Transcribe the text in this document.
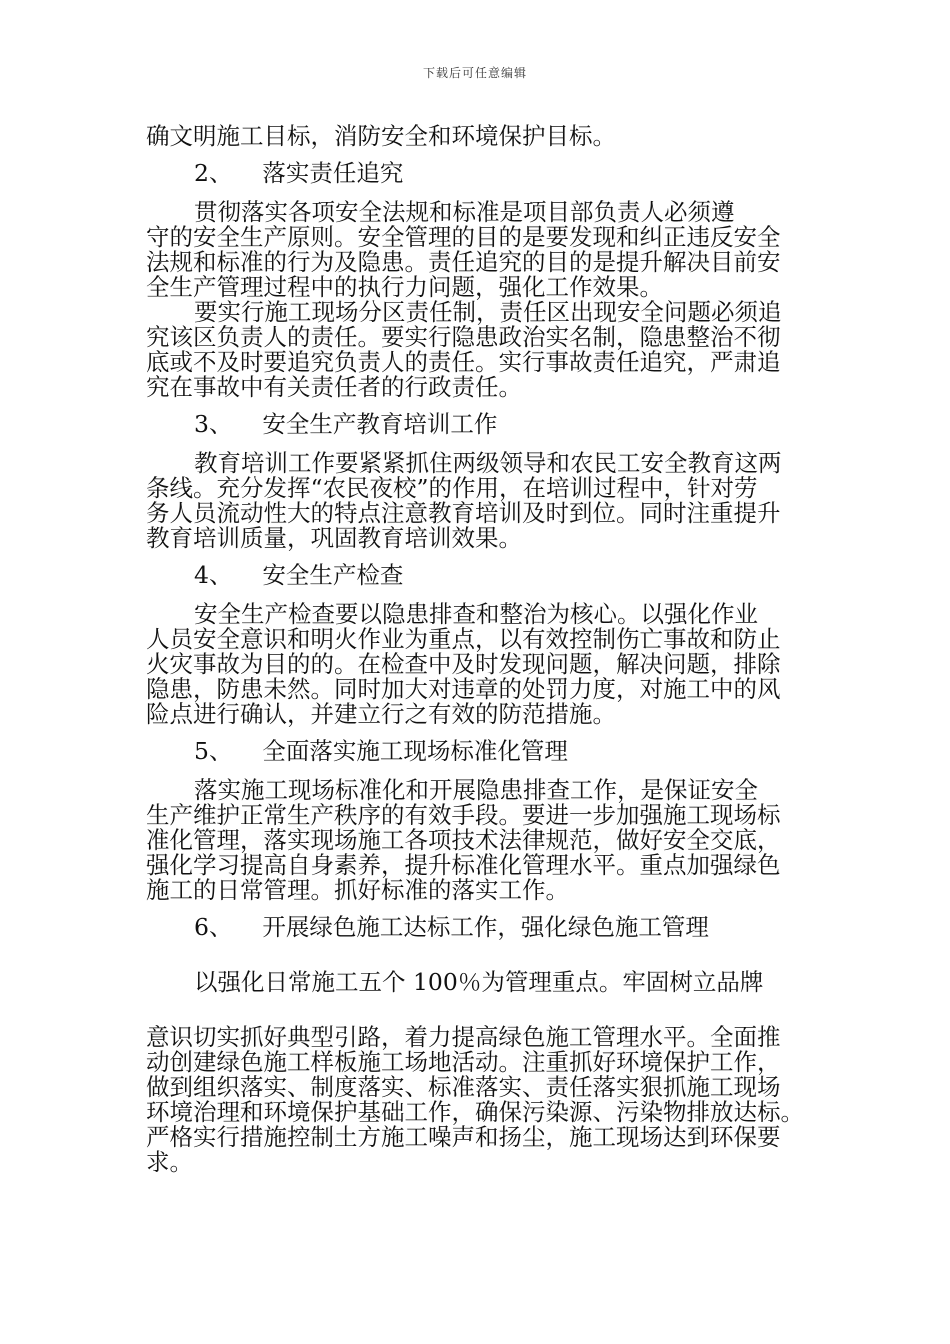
下载后可任意编辑
确文明施工目标，消防安全和环境保护目标。
2、    落实责任追究
贯彻落实各项安全法规和标准是项目部负责人必须遵
守的安全生产原则。安全管理的目的是要发现和纠正违反安全
法规和标准的行为及隐患。责任追究的目的是提升解决目前安
全生产管理过程中的执行力问题，强化工作效果。
要实行施工现场分区责任制，责任区出现安全问题必须追
究该区负责人的责任。要实行隐患政治实名制，隐患整治不彻
底或不及时要追究负责人的责任。实行事故责任追究，严肃追
究在事故中有关责任者的行政责任。
3、    安全生产教育培训工作
教育培训工作要紧紧抓住两级领导和农民工安全教育这两
条线。充分发挥“农民夜校”的作用，在培训过程中，针对劳
务人员流动性大的特点注意教育培训及时到位。同时注重提升
教育培训质量，巩固教育培训效果。
4、    安全生产检查
安全生产检查要以隐患排查和整治为核心。以强化作业
人员安全意识和明火作业为重点，以有效控制伤亡事故和防止
火灾事故为目的的。在检查中及时发现问题，解决问题，排除
隐患，防患未然。同时加大对违章的处罚力度，对施工中的风
险点进行确认，并建立行之有效的防范措施。
5、    全面落实施工现场标准化管理
落实施工现场标准化和开展隐患排查工作，是保证安全
生产维护正常生产秩序的有效手段。要进一步加强施工现场标
准化管理，落实现场施工各项技术法律规范，做好安全交底，
强化学习提高自身素养，提升标准化管理水平。重点加强绿色
施工的日常管理。抓好标准的落实工作。
6、    开展绿色施工达标工作，强化绿色施工管理
以强化日常施工五个 100％为管理重点。牢固树立品牌
意识切实抓好典型引路，着力提高绿色施工管理水平。全面推
动创建绿色施工样板施工场地活动。注重抓好环境保护工作，
做到组织落实、制度落实、标准落实、责任落实狠抓施工现场
环境治理和环境保护基础工作，确保污染源、污染物排放达标。
严格实行措施控制土方施工噪声和扬尘，施工现场达到环保要
求。
